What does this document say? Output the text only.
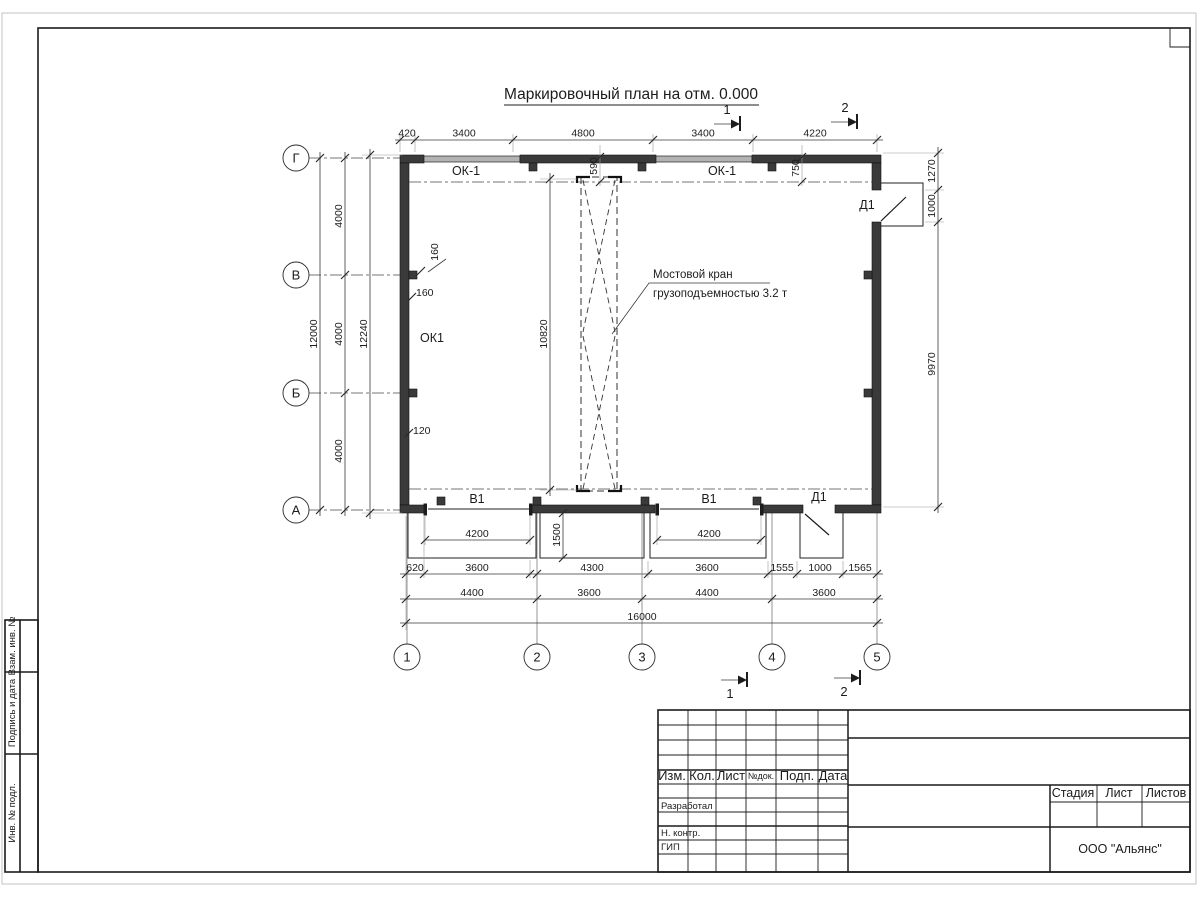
Взам. инв. №
Подпись и дата
Инв. № подл.
Маркировочный план на отм. 0.000
Г
В
Б
А
1	2	3	4	5
Мостовой кран
грузоподъемностью 3.2 т
420	3400	4800	3400	4220
12000
4000
4000
4000
12240
1270
1000
9970
10820
590	750
160
160
120
4200	4200
1500
620	3600	4300	3600	1555 1000 1565
4400	3600	4400	3600
16000
ОК-1	ОК-1
ОК1
В1	В1	Д1
Д1
1	2
1	2
Изм. Кол. Лист №док. Подп. Дата
Разработал
Н. контр.
ГИП
Стадия Лист Листов
ООО "Альянс"
